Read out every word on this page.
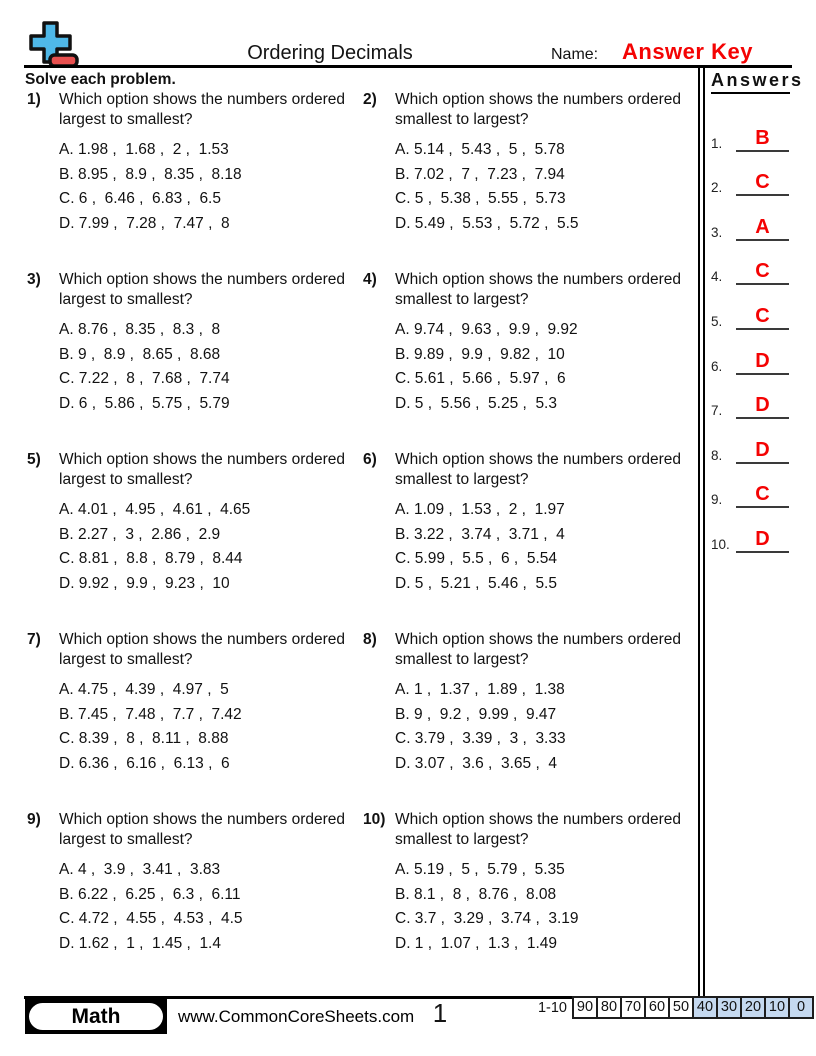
Ordering Decimals	Name: Answer Key
Solve each problem.
1)	Which option shows the numbers ordered largest to smallest?
A. 1.98 ,  1.68 ,  2 ,  1.53
B. 8.95 ,  8.9 ,  8.35 ,  8.18
C. 6 ,  6.46 ,  6.83 ,  6.5
D. 7.99 ,  7.28 ,  7.47 ,  8
2)	Which option shows the numbers ordered smallest to largest?
A. 5.14 ,  5.43 ,  5 ,  5.78
B. 7.02 ,  7 ,  7.23 ,  7.94
C. 5 ,  5.38 ,  5.55 ,  5.73
D. 5.49 ,  5.53 ,  5.72 ,  5.5
3)	Which option shows the numbers ordered largest to smallest?
A. 8.76 ,  8.35 ,  8.3 ,  8
B. 9 ,  8.9 ,  8.65 ,  8.68
C. 7.22 ,  8 ,  7.68 ,  7.74
D. 6 ,  5.86 ,  5.75 ,  5.79
4)	Which option shows the numbers ordered smallest to largest?
A. 9.74 ,  9.63 ,  9.9 ,  9.92
B. 9.89 ,  9.9 ,  9.82 ,  10
C. 5.61 ,  5.66 ,  5.97 ,  6
D. 5 ,  5.56 ,  5.25 ,  5.3
5)	Which option shows the numbers ordered largest to smallest?
A. 4.01 ,  4.95 ,  4.61 ,  4.65
B. 2.27 ,  3 ,  2.86 ,  2.9
C. 8.81 ,  8.8 ,  8.79 ,  8.44
D. 9.92 ,  9.9 ,  9.23 ,  10
6)	Which option shows the numbers ordered smallest to largest?
A. 1.09 ,  1.53 ,  2 ,  1.97
B. 3.22 ,  3.74 ,  3.71 ,  4
C. 5.99 ,  5.5 ,  6 ,  5.54
D. 5 ,  5.21 ,  5.46 ,  5.5
7)	Which option shows the numbers ordered largest to smallest?
A. 4.75 ,  4.39 ,  4.97 ,  5
B. 7.45 ,  7.48 ,  7.7 ,  7.42
C. 8.39 ,  8 ,  8.11 ,  8.88
D. 6.36 ,  6.16 ,  6.13 ,  6
8)	Which option shows the numbers ordered smallest to largest?
A. 1 ,  1.37 ,  1.89 ,  1.38
B. 9 ,  9.2 ,  9.99 ,  9.47
C. 3.79 ,  3.39 ,  3 ,  3.33
D. 3.07 ,  3.6 ,  3.65 ,  4
9)	Which option shows the numbers ordered largest to smallest?
A. 4 ,  3.9 ,  3.41 ,  3.83
B. 6.22 ,  6.25 ,  6.3 ,  6.11
C. 4.72 ,  4.55 ,  4.53 ,  4.5
D. 1.62 ,  1 ,  1.45 ,  1.4
10) Which option shows the numbers ordered smallest to largest?
A. 5.19 ,  5 ,  5.79 ,  5.35
B. 8.1 ,  8 ,  8.76 ,  8.08
C. 3.7 ,  3.29 ,  3.74 ,  3.19
D. 1 ,  1.07 ,  1.3 ,  1.49
Answers
1.	B
2.	C
3.	A
4.	C
5.	C
6.	D
7.	D
8.	D
9.	C
10.	D
Math	www.CommonCoreSheets.com 1	1-10 90 80 70 60 50 40 30 20 10 0
